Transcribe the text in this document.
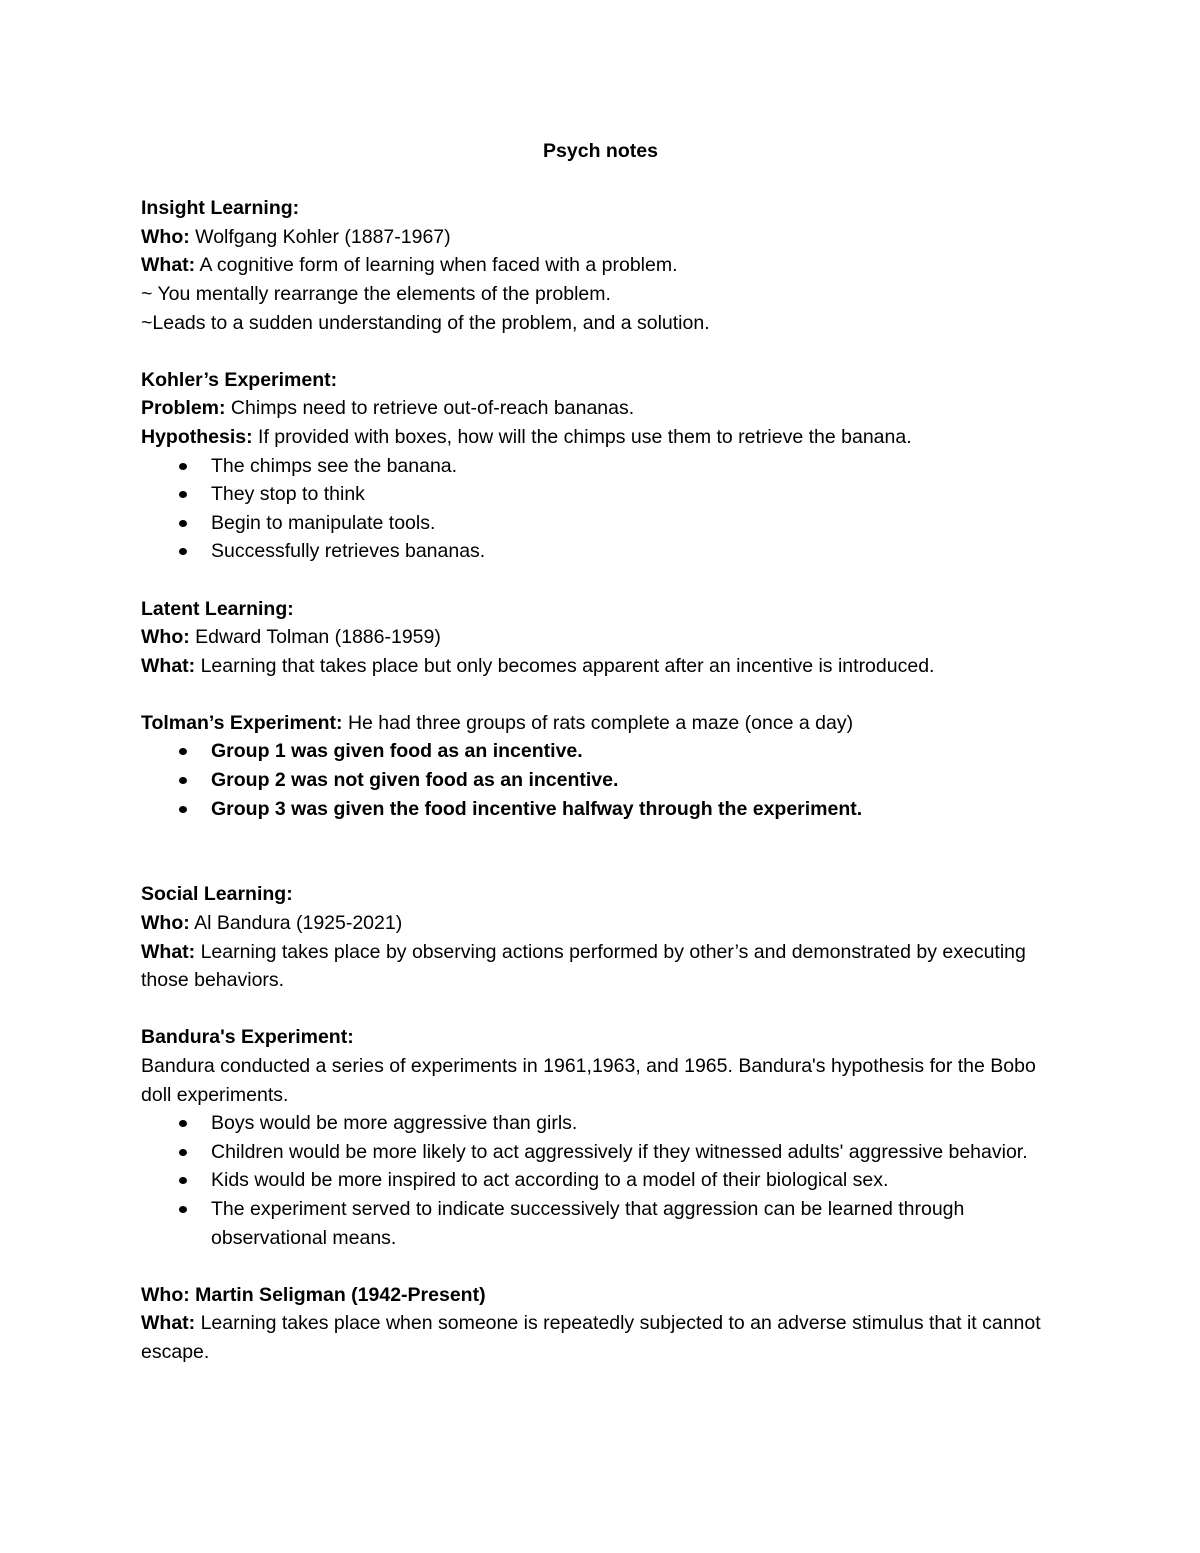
Psych notes

Insight Learning:

Who: Wolfgang Kohler (1887-1967)

What: A cognitive form of learning when faced with a problem.

~ You mentally rearrange the elements of the problem.

~Leads to a sudden understanding of the problem, and a solution.

Kohler’s Experiment:

Problem: Chimps need to retrieve out-of-reach bananas.

Hypothesis: If provided with boxes, how will the chimps use them to retrieve the banana.

The chimps see the banana.
They stop to think
Begin to manipulate tools.
Successfully retrieves bananas.

Latent Learning:

Who: Edward Tolman (1886-1959)

What: Learning that takes place but only becomes apparent after an incentive is introduced.

Tolman’s Experiment: He had three groups of rats complete a maze (once a day)

Group 1 was given food as an incentive.
Group 2 was not given food as an incentive.
Group 3 was given the food incentive halfway through the experiment.

Social Learning:

Who: Al Bandura (1925-2021)

What: Learning takes place by observing actions performed by other’s and demonstrated by executing those behaviors.

Bandura's Experiment:

Bandura conducted a series of experiments in 1961,1963, and 1965. Bandura's hypothesis for the Bobo doll experiments.

Boys would be more aggressive than girls.
Children would be more likely to act aggressively if they witnessed adults' aggressive behavior.
Kids would be more inspired to act according to a model of their biological sex.
The experiment served to indicate successively that aggression can be learned through observational means.

Who: Martin Seligman (1942-Present)

What: Learning takes place when someone is repeatedly subjected to an adverse stimulus that it cannot escape.
